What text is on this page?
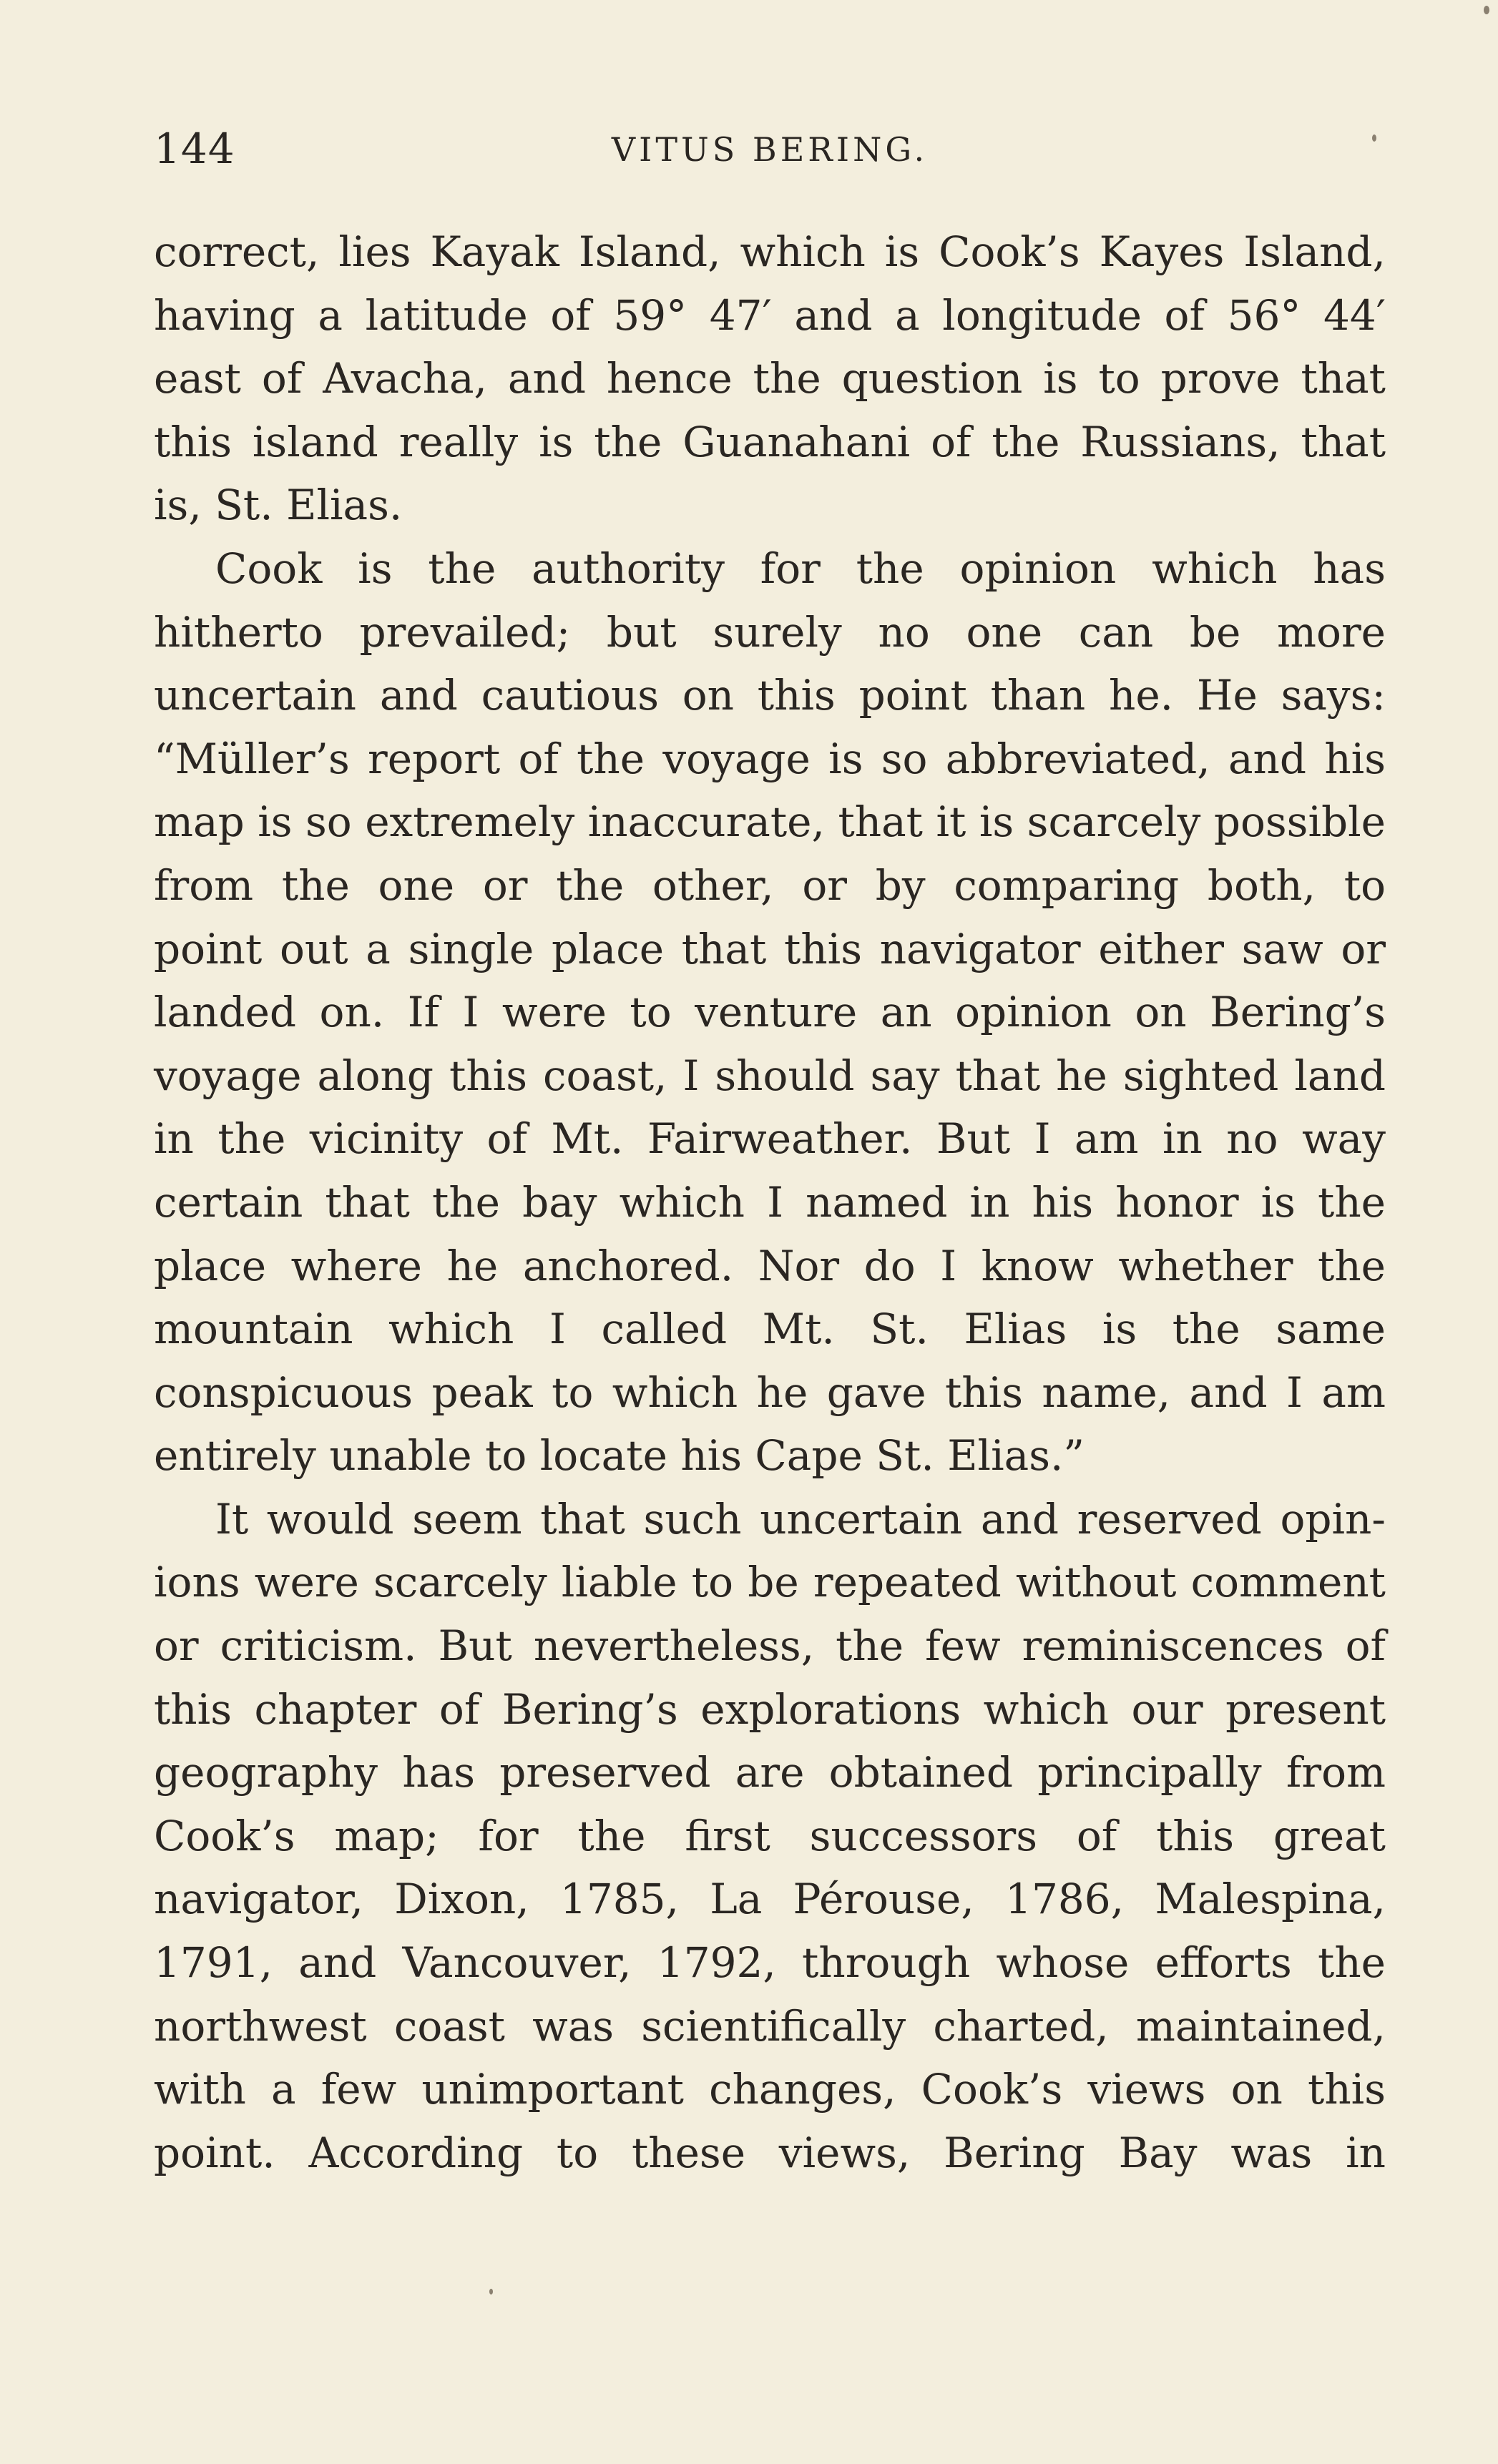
144	VITUS BERING.

correct, lies Kayak Island, which is Cook’s Kayes Island,
having a latitude of 59° 47′ and a longitude of 56° 44′
east of Avacha, and hence the question is to prove that
this island really is the Guanahani of the Russians, that
is, St. Elias.

Cook is the authority for the opinion which has
hitherto prevailed; but surely no one can be more
uncertain and cautious on this point than he. He says:
“Müller’s report of the voyage is so abbreviated, and his
map is so extremely inaccurate, that it is scarcely possible
from the one or the other, or by comparing both, to
point out a single place that this navigator either saw or
landed on. If I were to venture an opinion on Bering’s
voyage along this coast, I should say that he sighted land
in the vicinity of Mt. Fairweather. But I am in no way
certain that the bay which I named in his honor is the
place where he anchored. Nor do I know whether the
mountain which I called Mt. St. Elias is the same
conspicuous peak to which he gave this name, and I am
entirely unable to locate his Cape St. Elias.”

It would seem that such uncertain and reserved opin-
ions were scarcely liable to be repeated without comment
or criticism. But nevertheless, the few reminiscences of
this chapter of Bering’s explorations which our present
geography has preserved are obtained principally from
Cook’s map; for the first successors of this great
navigator, Dixon, 1785, La Pérouse, 1786, Malespina,
1791, and Vancouver, 1792, through whose efforts the
northwest coast was scientifically charted, maintained,
with a few unimportant changes, Cook’s views on this
point. According to these views, Bering Bay was in
